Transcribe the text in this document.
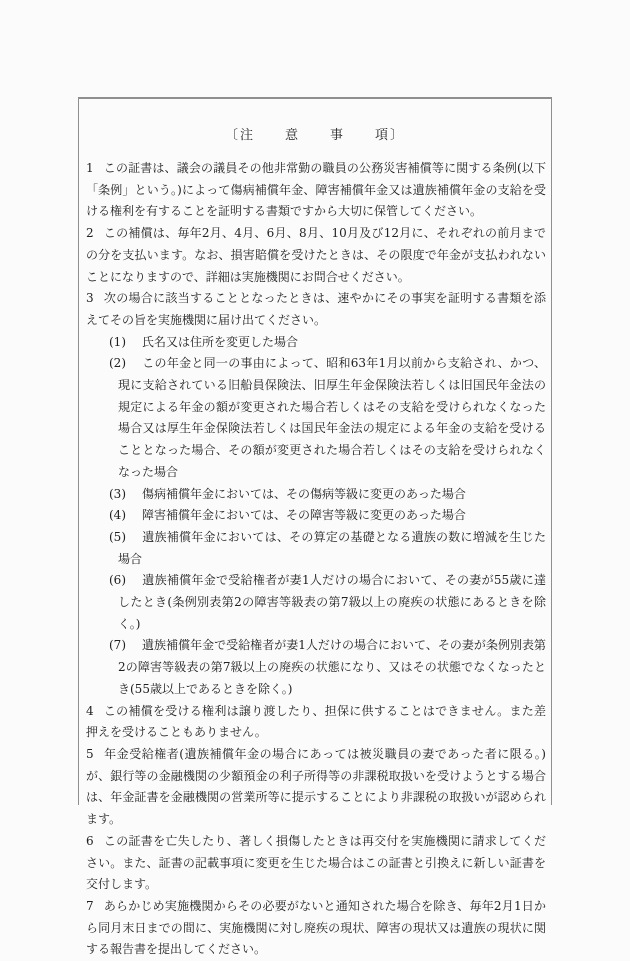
〔注　　意　　事　　項〕
1 この証書は、議会の議員その他非常勤の職員の公務災害補償等に関する条例(以下「条例」という。)によって傷病補償年金、障害補償年金又は遺族補償年金の支給を受ける権利を有することを証明する書類ですから大切に保管してください。
2 この補償は、毎年2月、4月、6月、8月、10月及び12月に、それぞれの前月までの分を支払います。なお、損害賠償を受けたときは、その限度で年金が支払われないことになりますので、詳細は実施機関にお問合せください。
3 次の場合に該当することとなったときは、速やかにその事実を証明する書類を添えてその旨を実施機関に届け出てください。
(1) 氏名又は住所を変更した場合
(2) この年金と同一の事由によって、昭和63年1月以前から支給され、かつ、現に支給されている旧船員保険法、旧厚生年金保険法若しくは旧国民年金法の規定による年金の額が変更された場合若しくはその支給を受けられなくなった場合又は厚生年金保険法若しくは国民年金法の規定による年金の支給を受けることとなった場合、その額が変更された場合若しくはその支給を受けられなくなった場合
(3) 傷病補償年金においては、その傷病等級に変更のあった場合
(4) 障害補償年金においては、その障害等級に変更のあった場合
(5) 遺族補償年金においては、その算定の基礎となる遺族の数に増減を生じた場合
(6) 遺族補償年金で受給権者が妻1人だけの場合において、その妻が55歳に達したとき(条例別表第2の障害等級表の第7級以上の廃疾の状態にあるときを除く。)
(7) 遺族補償年金で受給権者が妻1人だけの場合において、その妻が条例別表第2の障害等級表の第7級以上の廃疾の状態になり、又はその状態でなくなったとき(55歳以上であるときを除く。)
4 この補償を受ける権利は譲り渡したり、担保に供することはできません。また差押えを受けることもありません。
5 年金受給権者(遺族補償年金の場合にあっては被災職員の妻であった者に限る。)が、銀行等の金融機関の少額預金の利子所得等の非課税取扱いを受けようとする場合は、年金証書を金融機関の営業所等に提示することにより非課税の取扱いが認められます。
6 この証書を亡失したり、著しく損傷したときは再交付を実施機関に請求してください。また、証書の記載事項に変更を生じた場合はこの証書と引換えに新しい証書を交付します。
7 あらかじめ実施機関からその必要がないと通知された場合を除き、毎年2月1日から同月末日までの間に、実施機関に対し廃疾の現状、障害の現状又は遺族の現状に関する報告書を提出してください。
